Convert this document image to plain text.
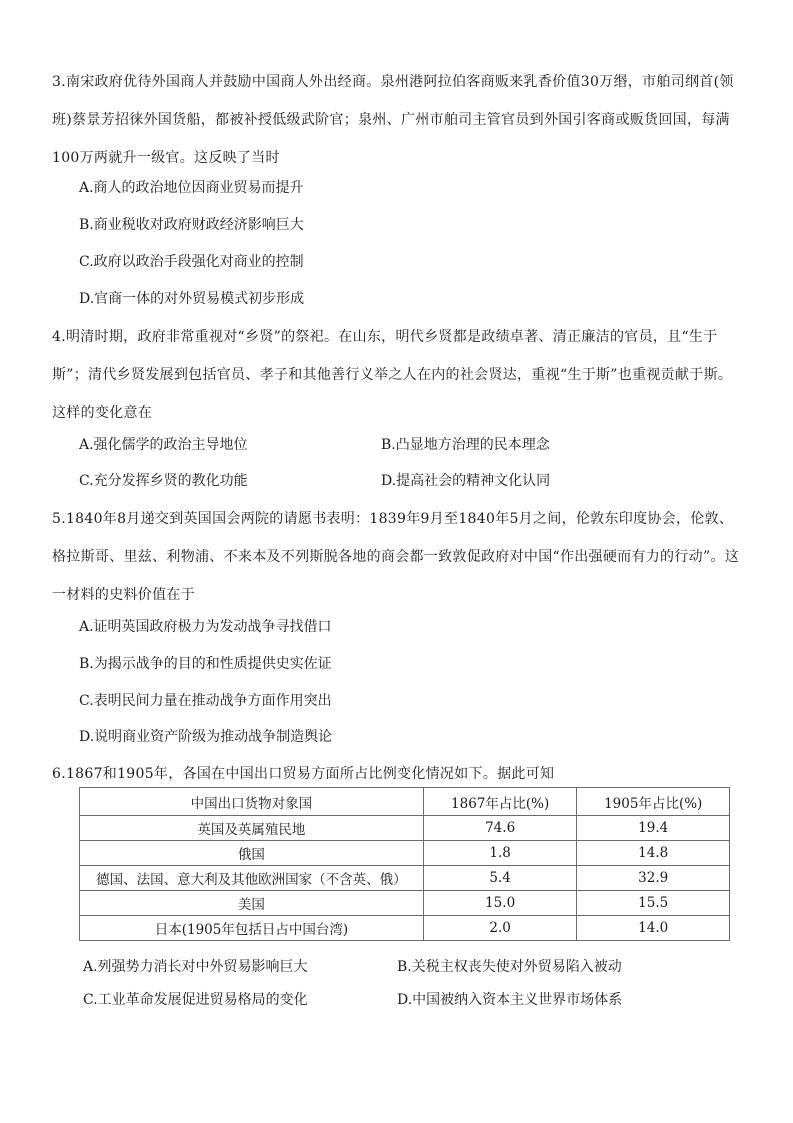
3.南宋政府优待外国商人并鼓励中国商人外出经商。泉州港阿拉伯客商贩来乳香价值30万缗，市舶司纲首(领班)蔡景芳招徕外国货船，都被补授低级武阶官；泉州、广州市舶司主管官员到外国引客商或贩货回国，每满100万两就升一级官。这反映了当时

A.商人的政治地位因商业贸易而提升
B.商业税收对政府财政经济影响巨大
C.政府以政治手段强化对商业的控制
D.官商一体的对外贸易模式初步形成

4.明清时期，政府非常重视对“乡贤”的祭祀。在山东，明代乡贤都是政绩卓著、清正廉洁的官员，且“生于斯”；清代乡贤发展到包括官员、孝子和其他善行义举之人在内的社会贤达，重视“生于斯”也重视贡献于斯。这样的变化意在

A.强化儒学的政治主导地位	B.凸显地方治理的民本理念
C.充分发挥乡贤的教化功能	D.提高社会的精神文化认同

5.1840年8月递交到英国国会两院的请愿书表明：1839年9月至1840年5月之间，伦敦东印度协会，伦敦、格拉斯哥、里兹、利物浦、不来本及不列斯脱各地的商会都一致敦促政府对中国“作出强硬而有力的行动”。这一材料的史料价值在于

A.证明英国政府极力为发动战争寻找借口
B.为揭示战争的目的和性质提供史实佐证
C.表明民间力量在推动战争方面作用突出
D.说明商业资产阶级为推动战争制造舆论

6.1867和1905年，各国在中国出口贸易方面所占比例变化情况如下。据此可知

中国出口货物对象国	1867年占比(%)	1905年占比(%)
英国及英属殖民地	74.6	19.4
俄国	1.8	14.8
德国、法国、意大利及其他欧洲国家（不含英、俄）	5.4	32.9
美国	15.0	15.5
日本(1905年包括日占中国台湾)	2.0	14.0
A.列强势力消长对中外贸易影响巨大	B.关税主权丧失使对外贸易陷入被动
C.工业革命发展促进贸易格局的变化	D.中国被纳入资本主义世界市场体系
